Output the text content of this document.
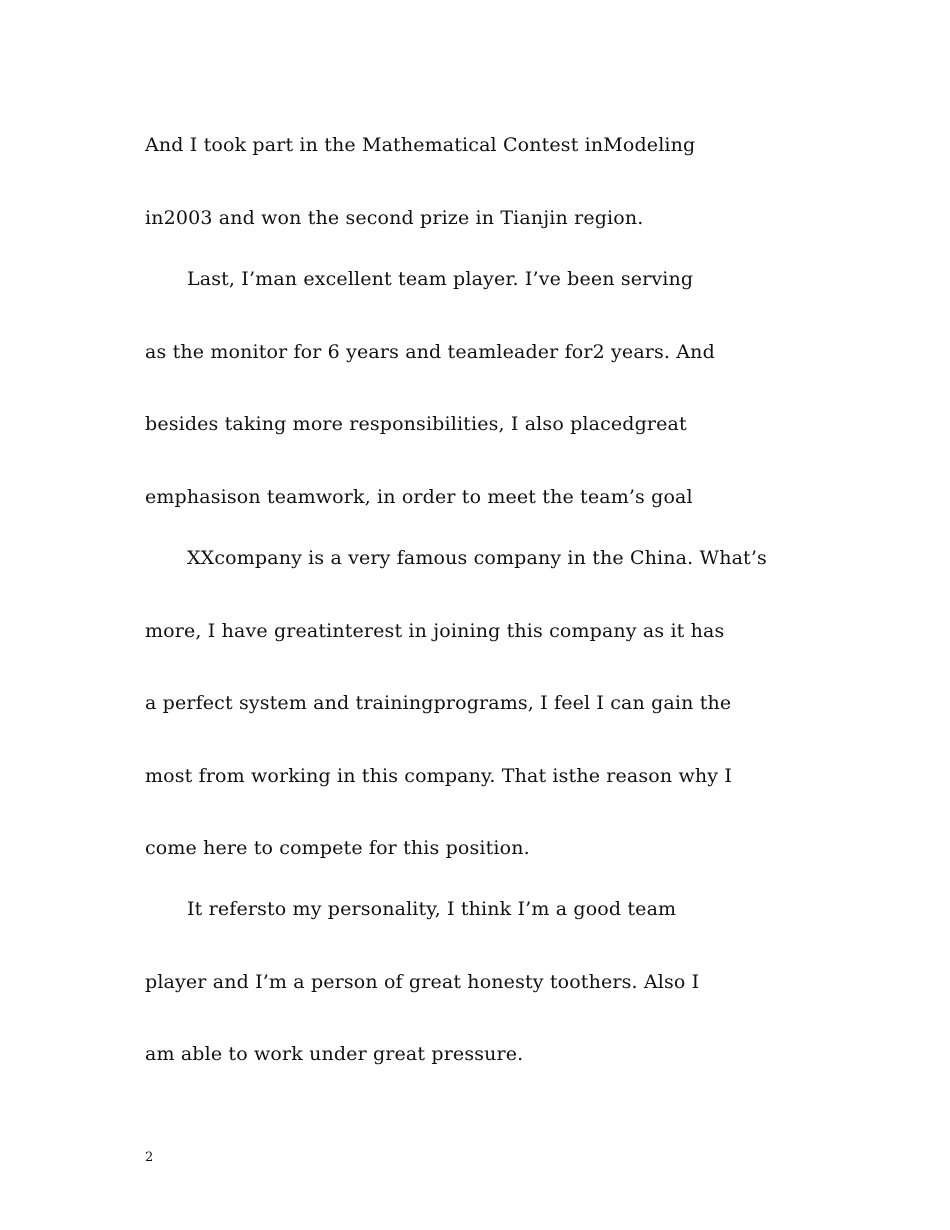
And I took part in the Mathematical Contest inModeling
in2003 and won the second prize in Tianjin region.
Last, I’man excellent team player. I’ve been serving
as the monitor for 6 years and teamleader for2 years. And
besides taking more responsibilities, I also placedgreat
emphasison teamwork, in order to meet the team’s goal
XXcompany is a very famous company in the China. What’s
more, I have greatinterest in joining this company as it has
a perfect system and trainingprograms, I feel I can gain the
most from working in this company. That isthe reason why I
come here to compete for this position.
It refersto my personality, I think I’m a good team
player and I’m a person of great honesty toothers. Also I
am able to work under great pressure.
2
